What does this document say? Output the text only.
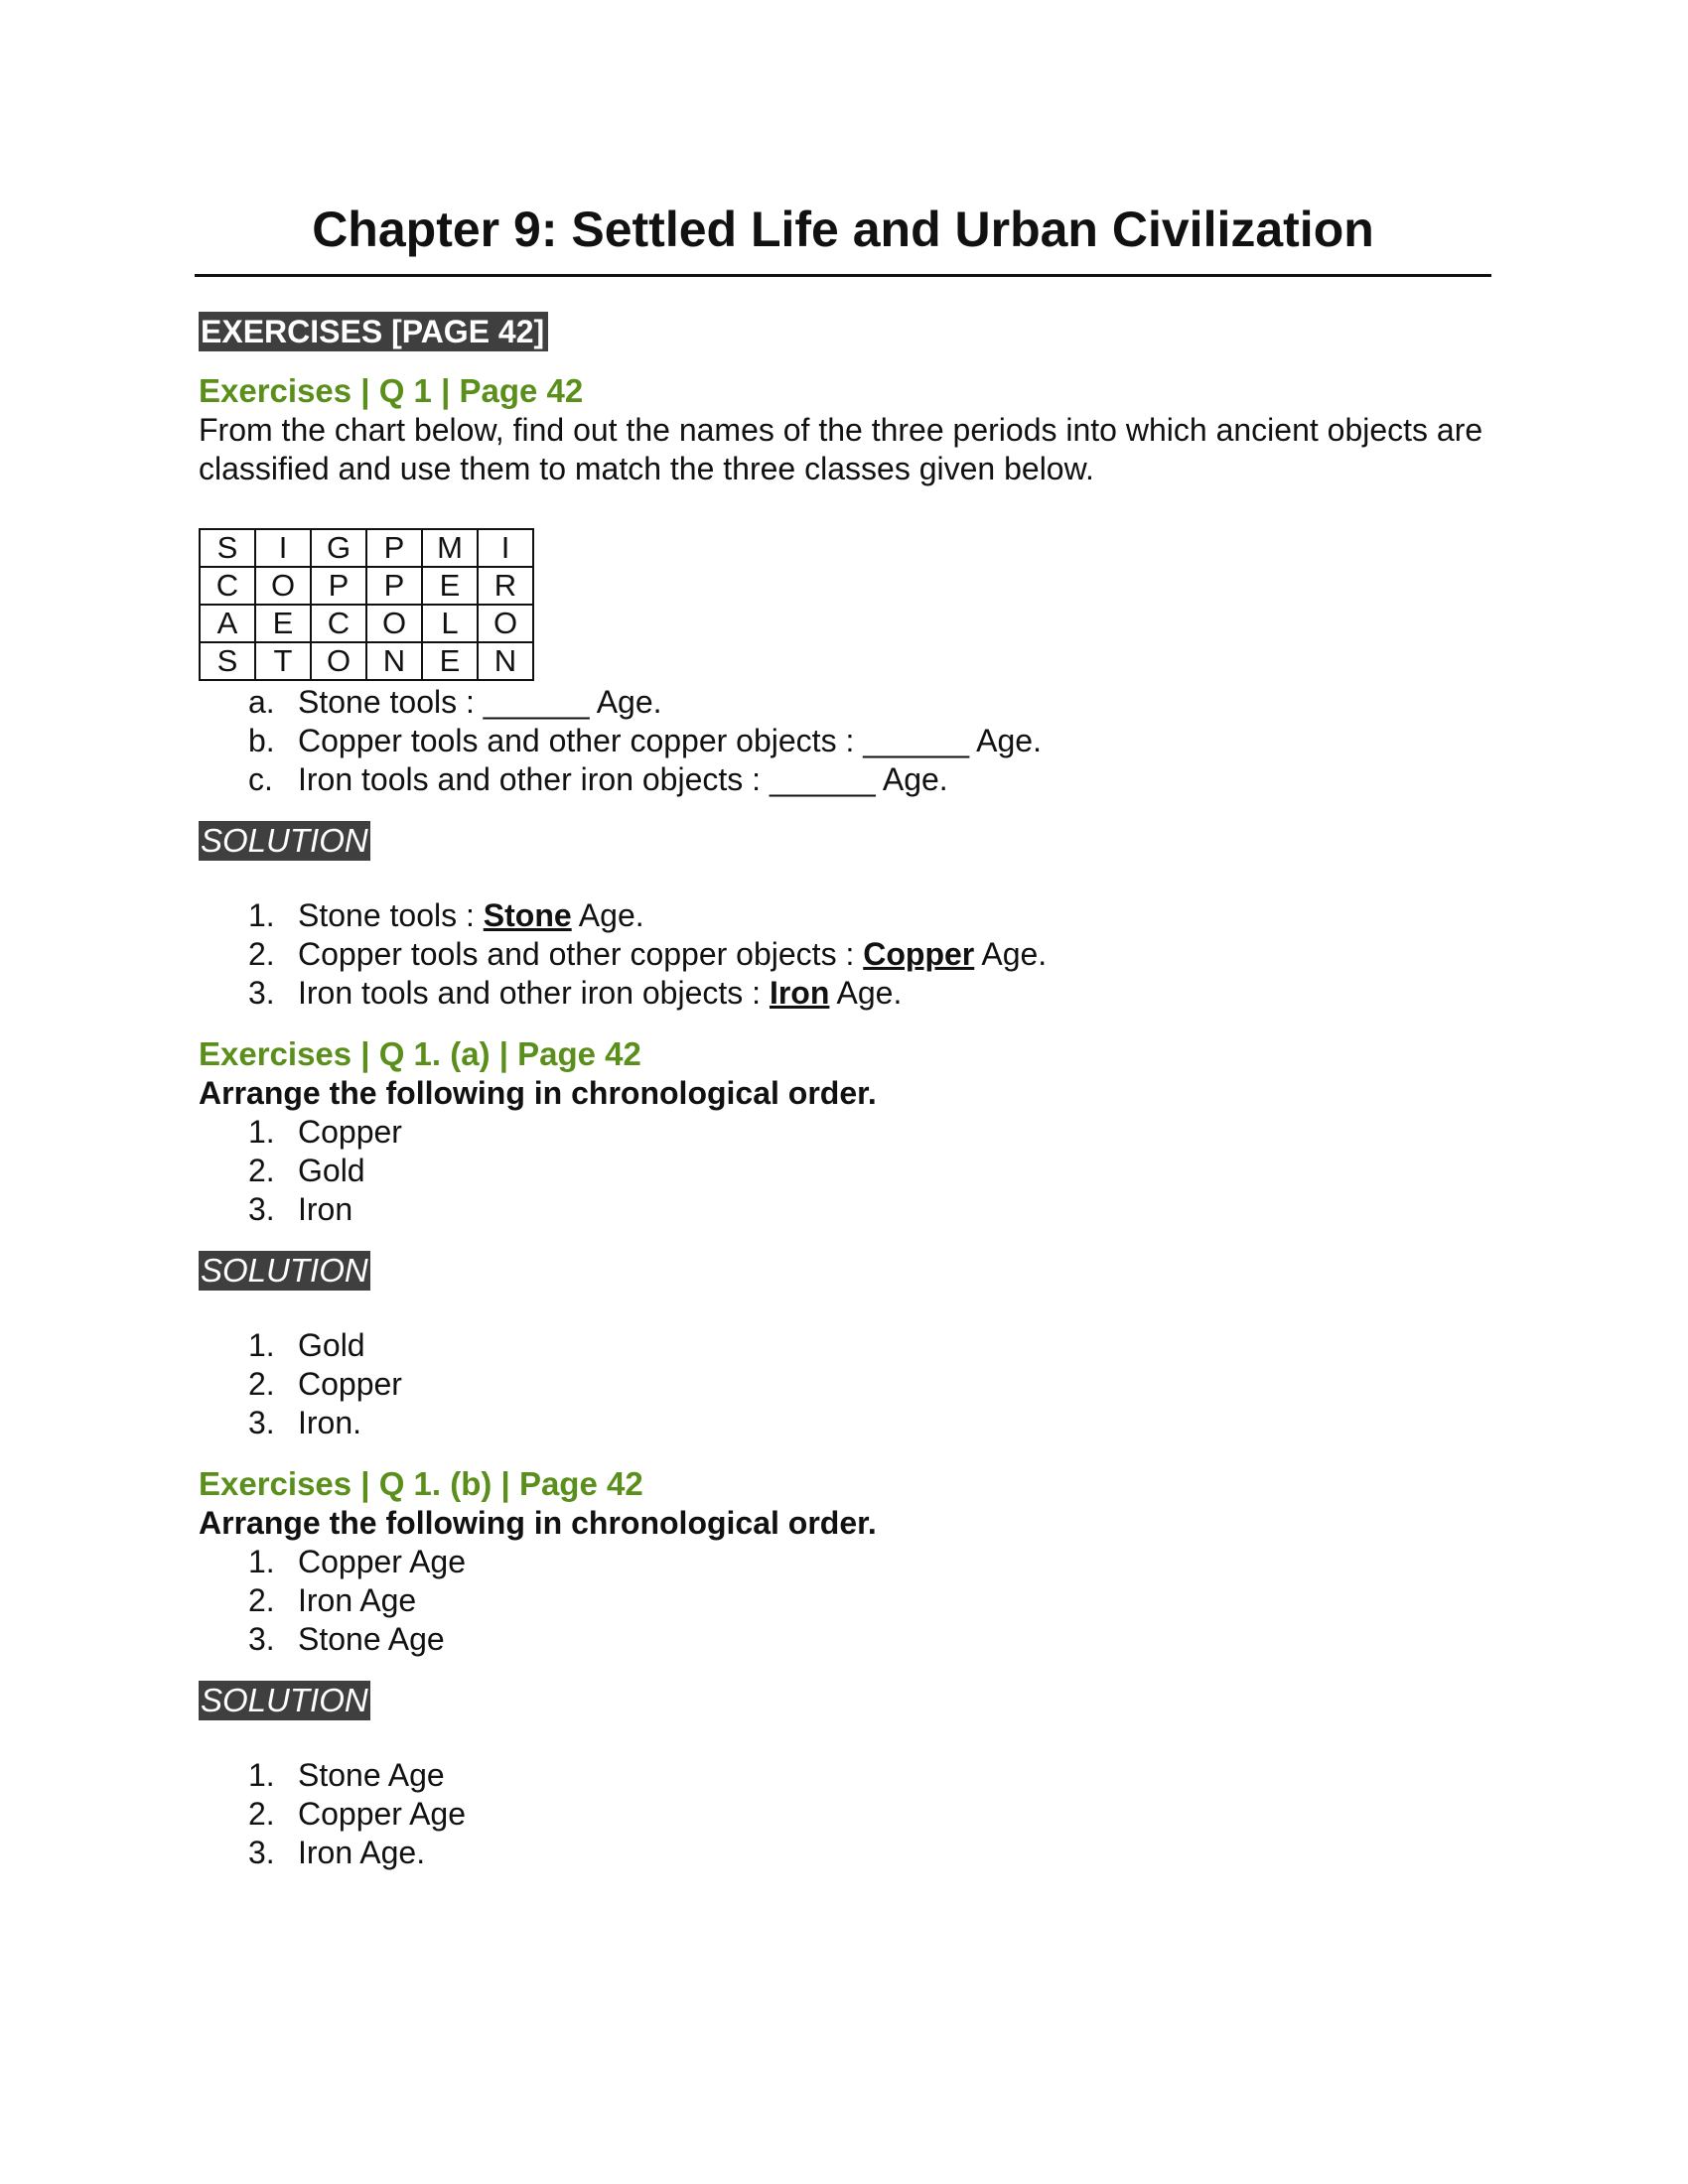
Chapter 9: Settled Life and Urban Civilization
EXERCISES [PAGE 42]

Exercises | Q 1 | Page 42

From the chart below, find out the names of the three periods into which ancient objects are classified and use them to match the three classes given below.

S	I	G	P	M	I
C	O	P	P	E	R
A	E	C	O	L	O
S	T	O	N	E	N
a. Stone tools : ______ Age.
b. Copper tools and other copper objects : ______ Age.
c. Iron tools and other iron objects : ______ Age.
SOLUTION
1. Stone tools : Stone Age.
2. Copper tools and other copper objects : Copper Age.
3. Iron tools and other iron objects : Iron Age.

Exercises | Q 1. (a) | Page 42

Arrange the following in chronological order.

1. Copper
2. Gold
3. Iron
SOLUTION
1. Gold
2. Copper
3. Iron.

Exercises | Q 1. (b) | Page 42

Arrange the following in chronological order.

1. Copper Age
2. Iron Age
3. Stone Age
SOLUTION
1. Stone Age
2. Copper Age
3. Iron Age.
